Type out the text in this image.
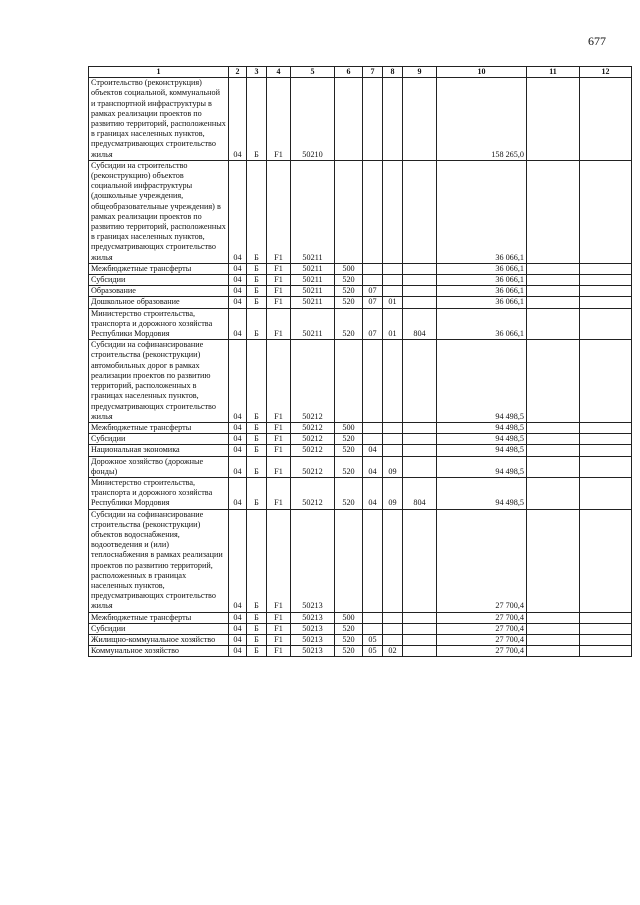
677
1	2	3	4	5	6	7	8	9	10	11	12
Строительство (реконструкция) объектов социальной, коммунальной и транспортной инфраструктуры в рамках реализации проектов по развитию территорий, расположенных в границах населенных пунктов, предусматривающих строительство жилья	04	Б	F1	50210					158 265,0		
Субсидии на строительство (реконструкцию) объектов социальной инфраструктуры (дошкольные учреждения, общеобразовательные учреждения) в рамках реализации проектов по развитию территорий, расположенных в границах населенных пунктов, предусматривающих строительство жилья	04	Б	F1	50211					36 066,1		
Межбюджетные трансферты	04	Б	F1	50211	500				36 066,1		
Субсидии	04	Б	F1	50211	520				36 066,1		
Образование	04	Б	F1	50211	520	07			36 066,1		
Дошкольное образование	04	Б	F1	50211	520	07	01		36 066,1		
Министерство строительства, транспорта и дорожного хозяйства Республики Мордовия	04	Б	F1	50211	520	07	01	804	36 066,1		
Субсидии на софинансирование строительства (реконструкции) автомобильных дорог в рамках реализации проектов по развитию территорий, расположенных в границах населенных пунктов, предусматривающих строительство жилья	04	Б	F1	50212					94 498,5		
Межбюджетные трансферты	04	Б	F1	50212	500				94 498,5		
Субсидии	04	Б	F1	50212	520				94 498,5		
Национальная экономика	04	Б	F1	50212	520	04			94 498,5		
Дорожное хозяйство (дорожные фонды)	04	Б	F1	50212	520	04	09		94 498,5		
Министерство строительства, транспорта и дорожного хозяйства Республики Мордовия	04	Б	F1	50212	520	04	09	804	94 498,5		
Субсидии на софинансирование строительства (реконструкции) объектов водоснабжения, водоотведения и (или) теплоснабжения в рамках реализации проектов по развитию территорий, расположенных в границах населенных пунктов, предусматривающих строительство жилья	04	Б	F1	50213					27 700,4		
Межбюджетные трансферты	04	Б	F1	50213	500				27 700,4		
Субсидии	04	Б	F1	50213	520				27 700,4		
Жилищно-коммунальное хозяйство	04	Б	F1	50213	520	05			27 700,4		
Коммунальное хозяйство	04	Б	F1	50213	520	05	02		27 700,4		
